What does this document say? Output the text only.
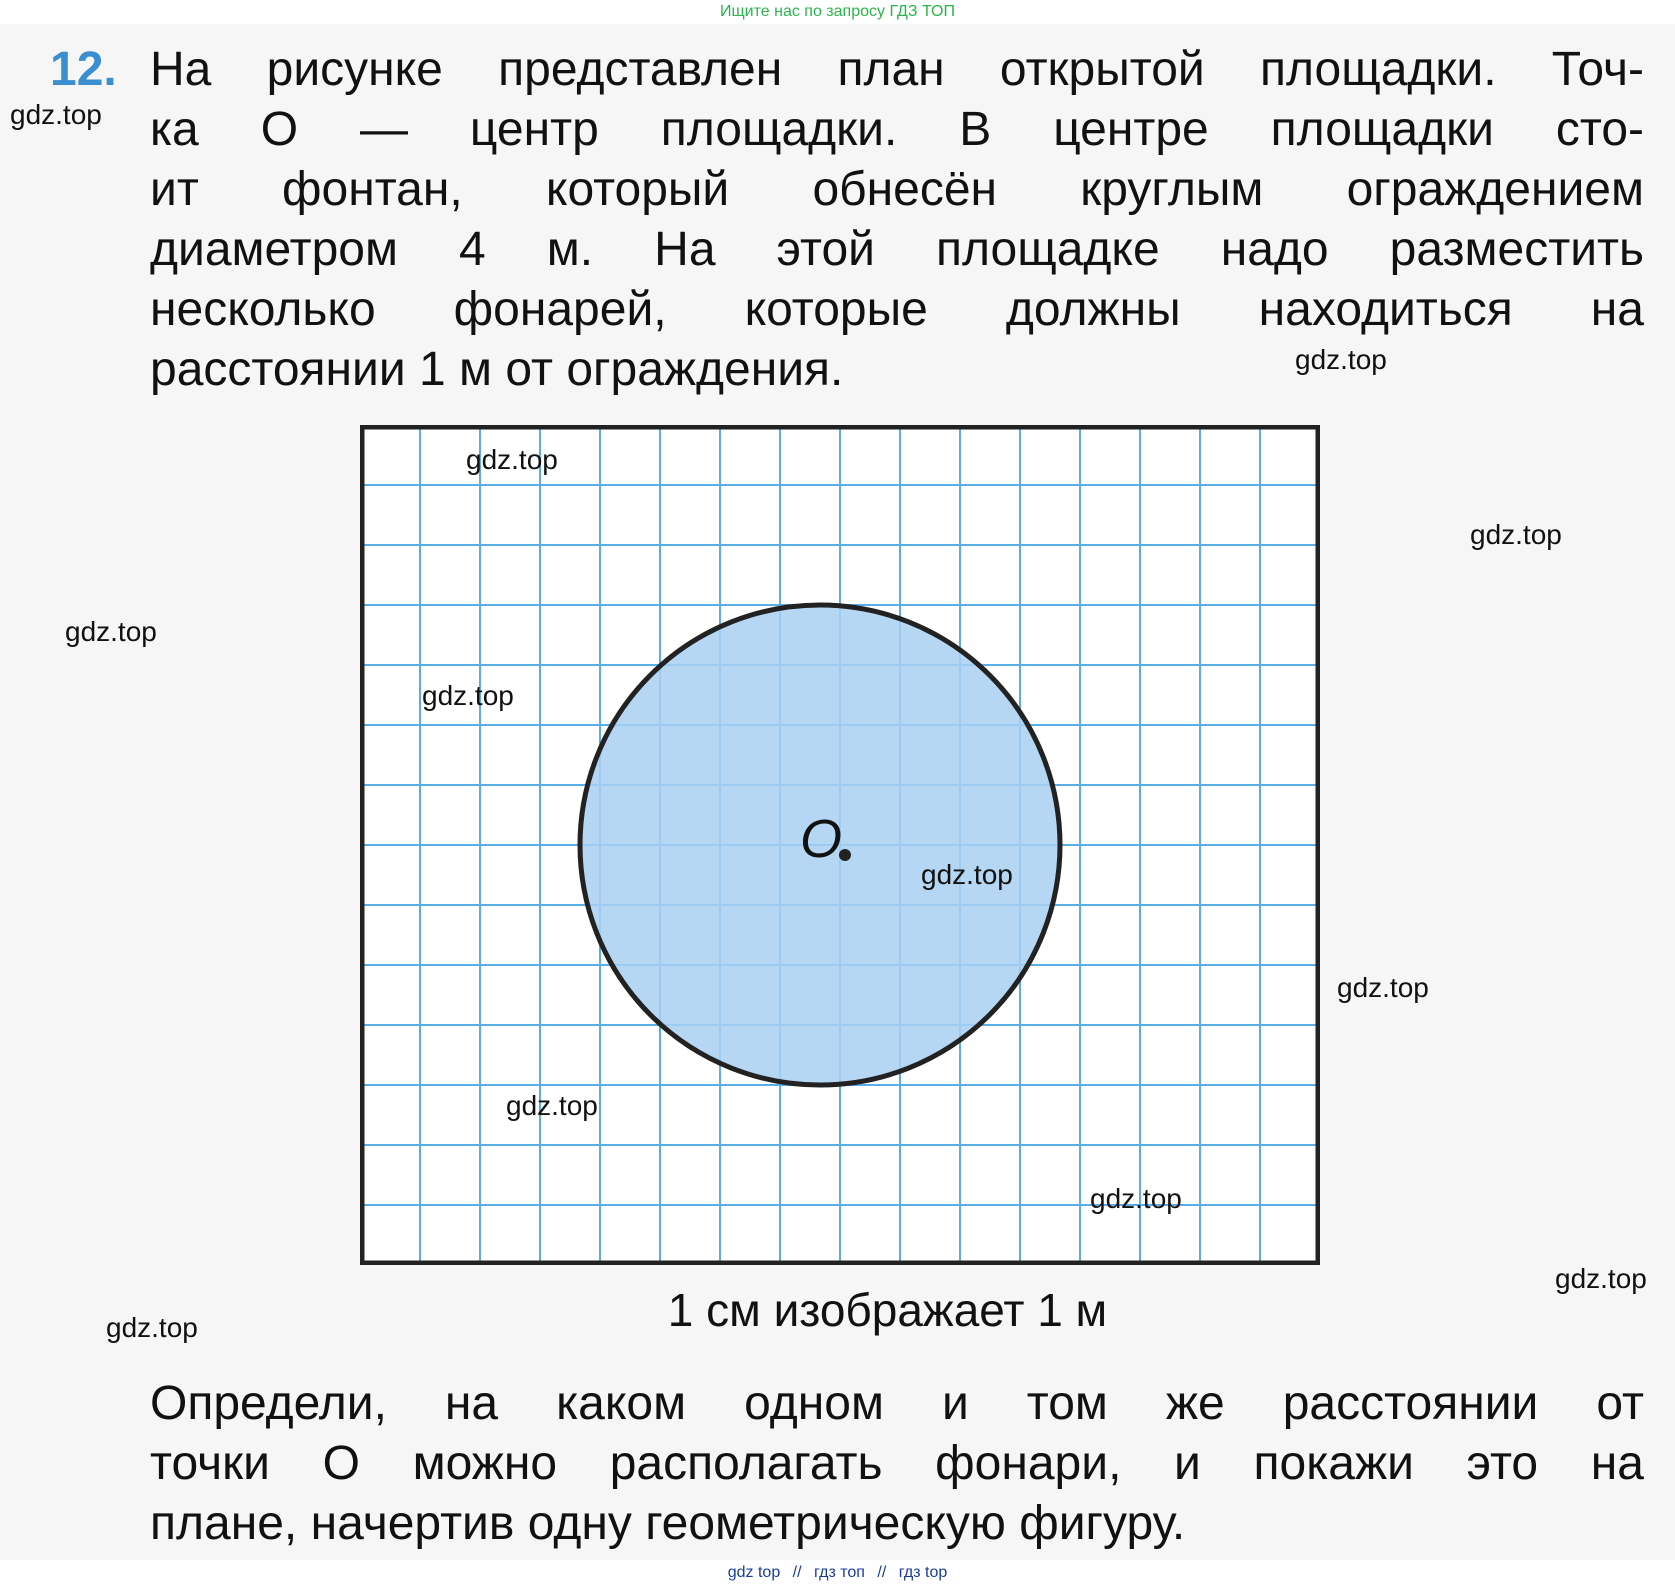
Ищите нас по запросу ГДЗ ТОП
12. На рисунке представлен план открытой площадки. Точ-
ка О — центр площадки. В центре площадки сто-
ит фонтан, который обнесён круглым ограждением
диаметром 4 м. На этой площадке надо разместить
несколько фонарей, которые должны находиться на
расстоянии 1 м от ограждения.
O
1 см изображает 1 м
Определи, на каком одном и том же расстоянии от
точки О можно располагать фонари, и покажи это на
плане, начертив одну геометрическую фигуру.
gdz.top
gdz.top
gdz.top
gdz.top
gdz.top
gdz.top
gdz.top
gdz.top
gdz.top
gdz.top
gdz.top
gdz.top
gdz top // гдз топ // гдз top
